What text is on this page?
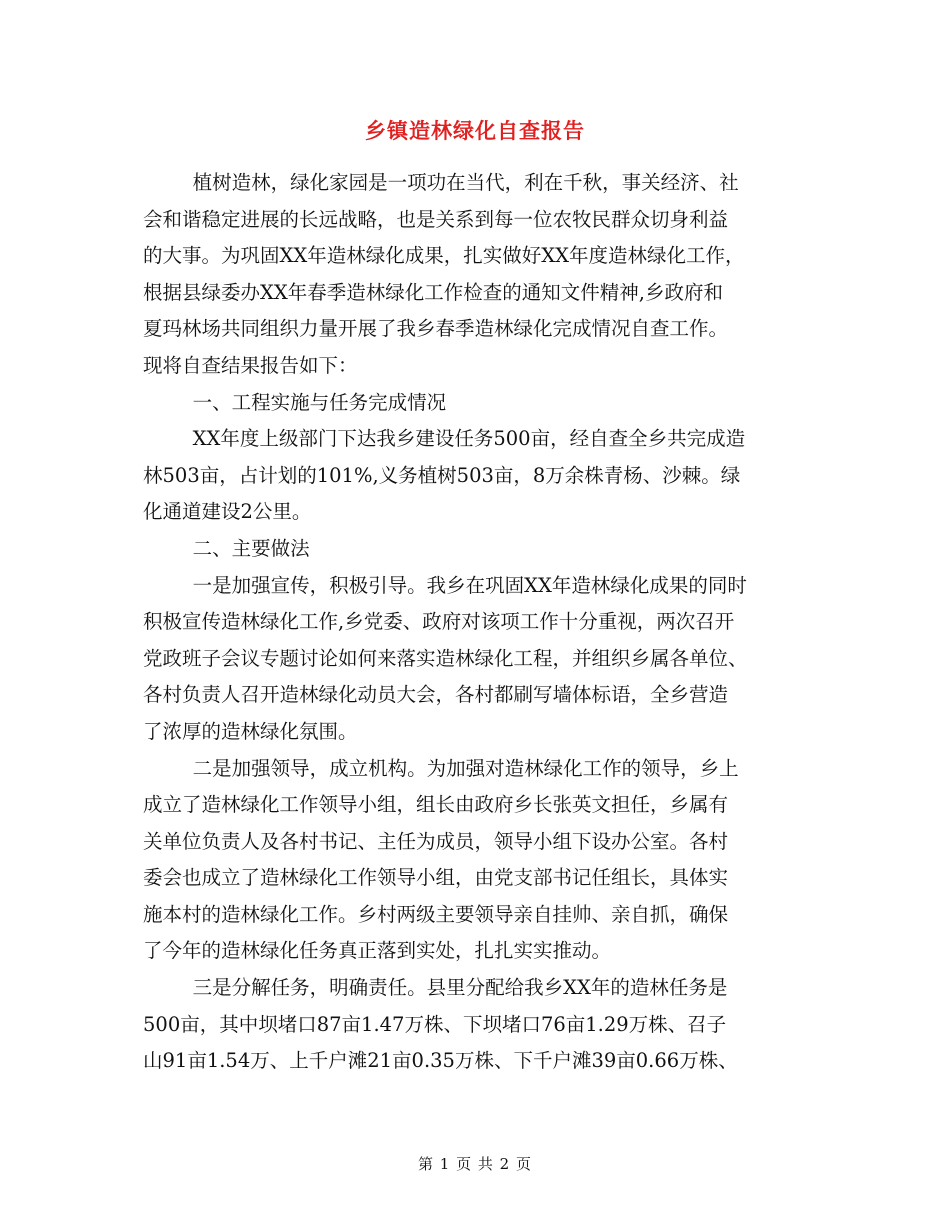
乡镇造林绿化自查报告
植树造林，绿化家园是一项功在当代，利在千秋，事关经济、社
会和谐稳定进展的长远战略，也是关系到每一位农牧民群众切身利益
的大事。为巩固XX年造林绿化成果，扎实做好XX年度造林绿化工作，
根据县绿委办XX年春季造林绿化工作检查的通知文件精神,乡政府和
夏玛林场共同组织力量开展了我乡春季造林绿化完成情况自查工作。
现将自查结果报告如下：
一、工程实施与任务完成情况
XX年度上级部门下达我乡建设任务500亩，经自查全乡共完成造
林503亩，占计划的101%,义务植树503亩，8万余株青杨、沙棘。绿
化通道建设2公里。
二、主要做法
一是加强宣传，积极引导。我乡在巩固XX年造林绿化成果的同时
积极宣传造林绿化工作,乡党委、政府对该项工作十分重视，两次召开
党政班子会议专题讨论如何来落实造林绿化工程，并组织乡属各单位、
各村负责人召开造林绿化动员大会，各村都刷写墙体标语，全乡营造
了浓厚的造林绿化氛围。
二是加强领导，成立机构。为加强对造林绿化工作的领导，乡上
成立了造林绿化工作领导小组，组长由政府乡长张英文担任，乡属有
关单位负责人及各村书记、主任为成员，领导小组下设办公室。各村
委会也成立了造林绿化工作领导小组，由党支部书记任组长，具体实
施本村的造林绿化工作。乡村两级主要领导亲自挂帅、亲自抓，确保
了今年的造林绿化任务真正落到实处，扎扎实实推动。
三是分解任务，明确责任。县里分配给我乡XX年的造林任务是
500亩，其中坝堵口87亩1.47万株、下坝堵口76亩1.29万株、召子
山91亩1.54万、上千户滩21亩0.35万株、下千户滩39亩0.66万株、
第 1 页 共 2 页
